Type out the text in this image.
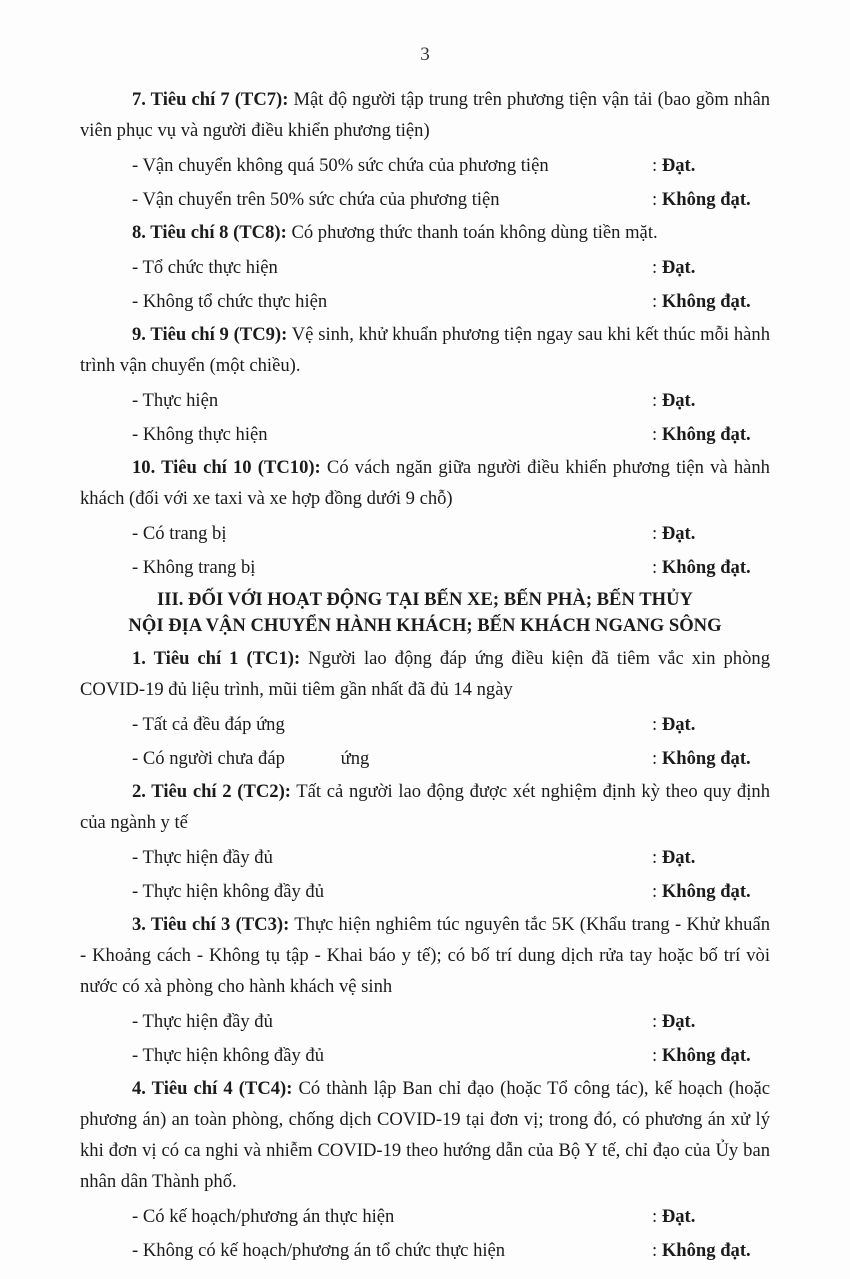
3

7. Tiêu chí 7 (TC7): Mật độ người tập trung trên phương tiện vận tải (bao gồm nhân viên phục vụ và người điều khiển phương tiện)

- Vận chuyển không quá 50% sức chứa của phương tiện	: Đạt.
- Vận chuyển trên 50% sức chứa của phương tiện	: Không đạt.

8. Tiêu chí 8 (TC8): Có phương thức thanh toán không dùng tiền mặt.

- Tổ chức thực hiện	: Đạt.
- Không tổ chức thực hiện	: Không đạt.

9. Tiêu chí 9 (TC9): Vệ sinh, khử khuẩn phương tiện ngay sau khi kết thúc mỗi hành trình vận chuyển (một chiều).

- Thực hiện	: Đạt.
- Không thực hiện	: Không đạt.

10. Tiêu chí 10 (TC10): Có vách ngăn giữa người điều khiển phương tiện và hành khách (đối với xe taxi và xe hợp đồng dưới 9 chỗ)

- Có trang bị	: Đạt.
- Không trang bị	: Không đạt.
III. ĐỐI VỚI HOẠT ĐỘNG TẠI BẾN XE; BẾN PHÀ; BẾN THỦY
NỘI ĐỊA VẬN CHUYỂN HÀNH KHÁCH; BẾN KHÁCH NGANG SÔNG

1. Tiêu chí 1 (TC1): Người lao động đáp ứng điều kiện đã tiêm vắc xin phòng COVID-19 đủ liệu trình, mũi tiêm gần nhất đã đủ 14 ngày

- Tất cả đều đáp ứng	: Đạt.
- Có người chưa đáp            ứng	: Không đạt.

2. Tiêu chí 2 (TC2): Tất cả người lao động được xét nghiệm định kỳ theo quy định của ngành y tế

- Thực hiện đầy đủ	: Đạt.
- Thực hiện không đầy đủ	: Không đạt.

3. Tiêu chí 3 (TC3): Thực hiện nghiêm túc nguyên tắc 5K (Khẩu trang - Khử khuẩn - Khoảng cách - Không tụ tập - Khai báo y tế); có bố trí dung dịch rửa tay hoặc bố trí vòi nước có xà phòng cho hành khách vệ sinh

- Thực hiện đầy đủ	: Đạt.
- Thực hiện không đầy đủ	: Không đạt.

4. Tiêu chí 4 (TC4): Có thành lập Ban chỉ đạo (hoặc Tổ công tác), kế hoạch (hoặc phương án) an toàn phòng, chống dịch COVID-19 tại đơn vị; trong đó, có phương án xử lý khi đơn vị có ca nghi và nhiễm COVID-19 theo hướng dẫn của Bộ Y tế, chỉ đạo của Ủy ban nhân dân Thành phố.

- Có kế hoạch/phương án thực hiện	: Đạt.
- Không có kế hoạch/phương án tổ chức thực hiện	: Không đạt.
